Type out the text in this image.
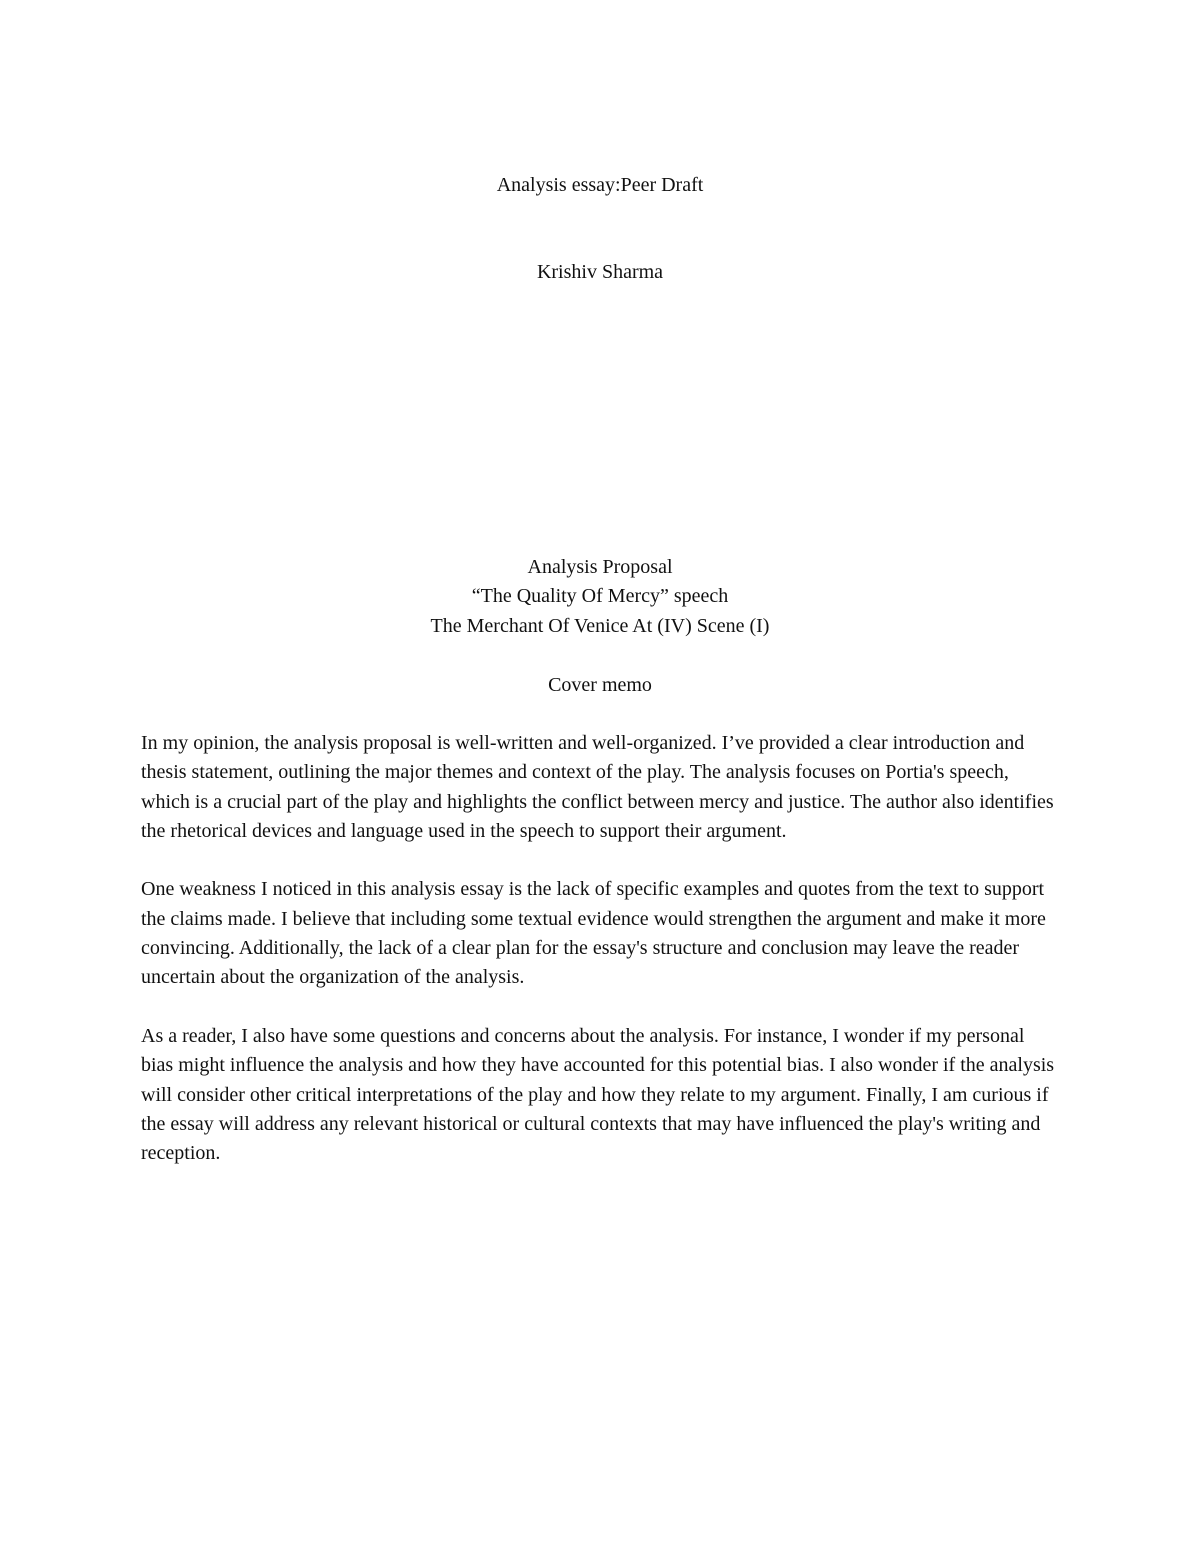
Analysis essay:Peer Draft
Krishiv Sharma
Analysis Proposal
“The Quality Of Mercy” speech
The Merchant Of Venice At (IV) Scene (I)
Cover memo

In my opinion, the analysis proposal is well-written and well-organized. I’ve provided a clear introduction and thesis statement, outlining the major themes and context of the play. The analysis focuses on Portia's speech, which is a crucial part of the play and highlights the conflict between mercy and justice. The author also identifies the rhetorical devices and language used in the speech to support their argument.

One weakness I noticed in this analysis essay is the lack of specific examples and quotes from the text to support the claims made. I believe that including some textual evidence would strengthen the argument and make it more convincing. Additionally, the lack of a clear plan for the essay's structure and conclusion may leave the reader uncertain about the organization of the analysis.

As a reader, I also have some questions and concerns about the analysis. For instance, I wonder if my personal bias might influence the analysis and how they have accounted for this potential bias. I also wonder if the analysis will consider other critical interpretations of the play and how they relate to my argument. Finally, I am curious if the essay will address any relevant historical or cultural contexts that may have influenced the play's writing and reception.
